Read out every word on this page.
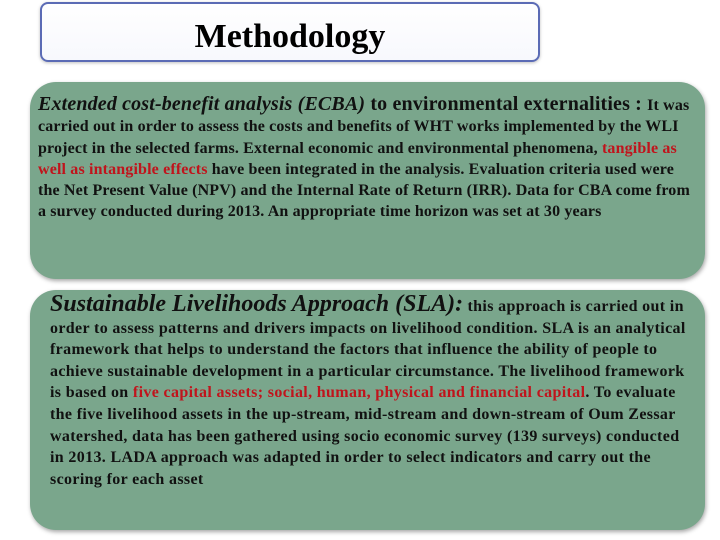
Methodology

Extended cost-benefit analysis (ECBA) to environmental externalities : It was carried out in order to assess the costs and benefits of WHT works implemented by the WLI project in the selected farms. External economic and environmental phenomena, tangible as well as intangible effects have been integrated in the analysis. Evaluation criteria used were the Net Present Value (NPV) and the Internal Rate of Return (IRR). Data for CBA come from a survey conducted during 2013. An appropriate time horizon was set at 30 years

Sustainable Livelihoods Approach (SLA): this approach is carried out in order to assess patterns and drivers impacts on livelihood condition. SLA is an analytical framework that helps to understand the factors that influence the ability of people to achieve sustainable development in a particular circumstance. The livelihood framework is based on five capital assets; social, human, physical and financial capital. To evaluate the five livelihood assets in the up-stream, mid-stream and down-stream of Oum Zessar watershed, data has been gathered using socio economic survey (139 surveys) conducted in 2013. LADA approach was adapted in order to select indicators and carry out the scoring for each asset
